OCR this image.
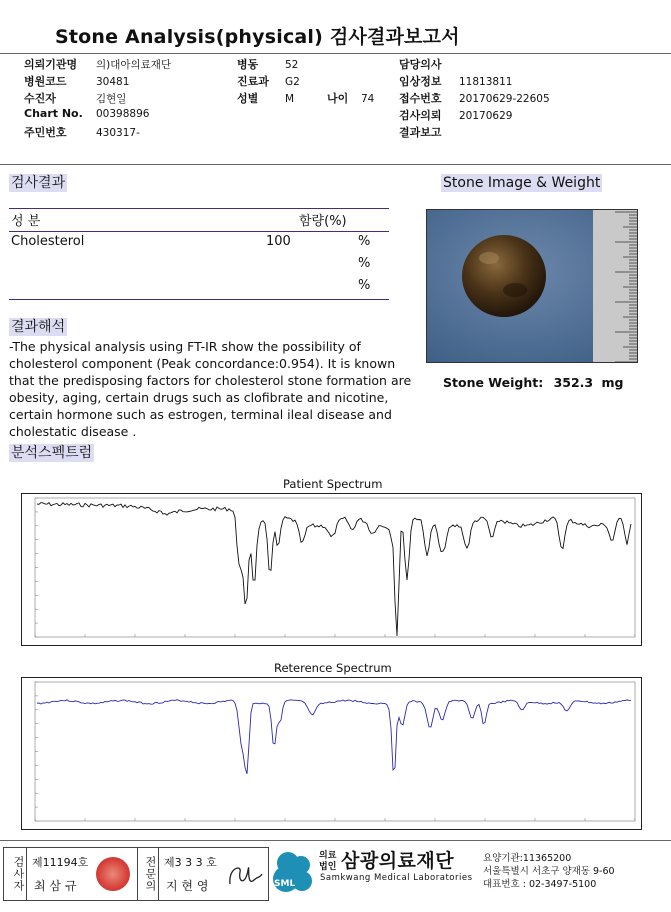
Stone Analysis(physical) 검사결과보고서
의뢰기관명 의)대아의료재단
병원코드	30481
수진자	김현일
Chart No. 00398896
주민번호	430317-
병동	52
진료과 G2
성별	M	나이 74
담당의사
임상정보 11813811
접수번호 20170629-22605
검사의뢰 20170629
결과보고
검사결과
성 분	함량(%)
Cholesterol	100	%
%
%
Stone Image & Weight
Stone Weight: 352.3 mg
결과해석
-The physical analysis using FT-IR show the possibility of cholesterol component (Peak concordance:0.954). It is known that the predisposing factors for cholesterol stone formation are obesity, aging, certain drugs such as clofibrate and nicotine, certain hormone such as estrogen, terminal ileal disease and cholestatic disease .
분석스펙트럼
Patient Spectrum
Reterence Spectrum
검사자 제11194호
최 삼 규	전문의 제3 3 3 호
지 현 영	SML
의료
법인 삼광의료재단
Samkwang Medical Laboratories
요양기관:11365200
서울특별시 서초구 양재동 9-60
대표번호 : 02-3497-5100
